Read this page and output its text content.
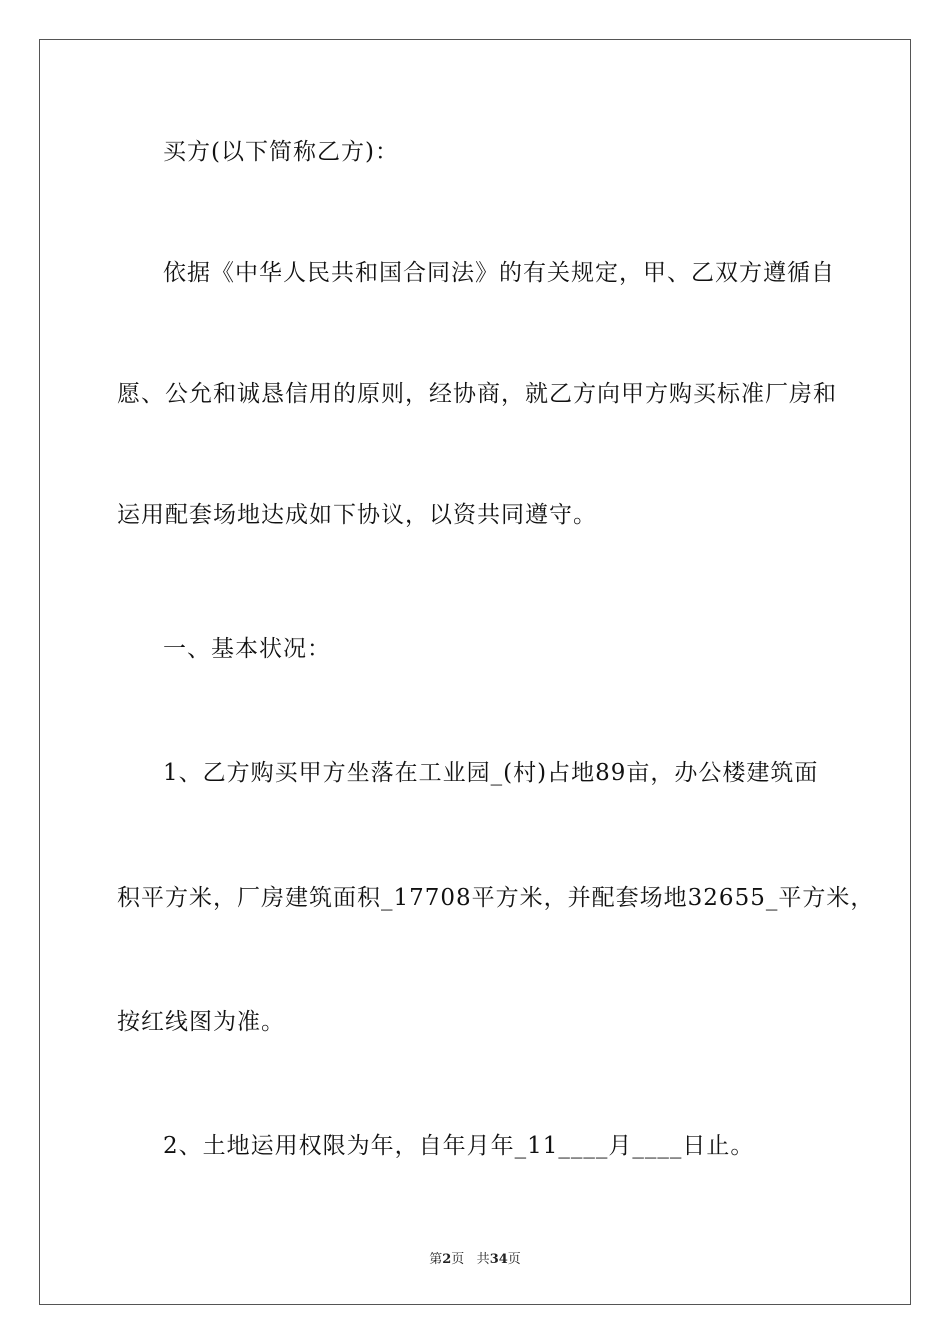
买方(以下简称乙方)：
依据《中华人民共和国合同法》的有关规定，甲、乙双方遵循自
愿、公允和诚恳信用的原则，经协商，就乙方向甲方购买标准厂房和
运用配套场地达成如下协议，以资共同遵守。
一、基本状况：
1、乙方购买甲方坐落在工业园_(村)占地89亩，办公楼建筑面
积平方米，厂房建筑面积_17708平方米，并配套场地32655_平方米，
按红线图为准。
2、土地运用权限为年，自年月年_11____月____日止。
第2页 共34页
